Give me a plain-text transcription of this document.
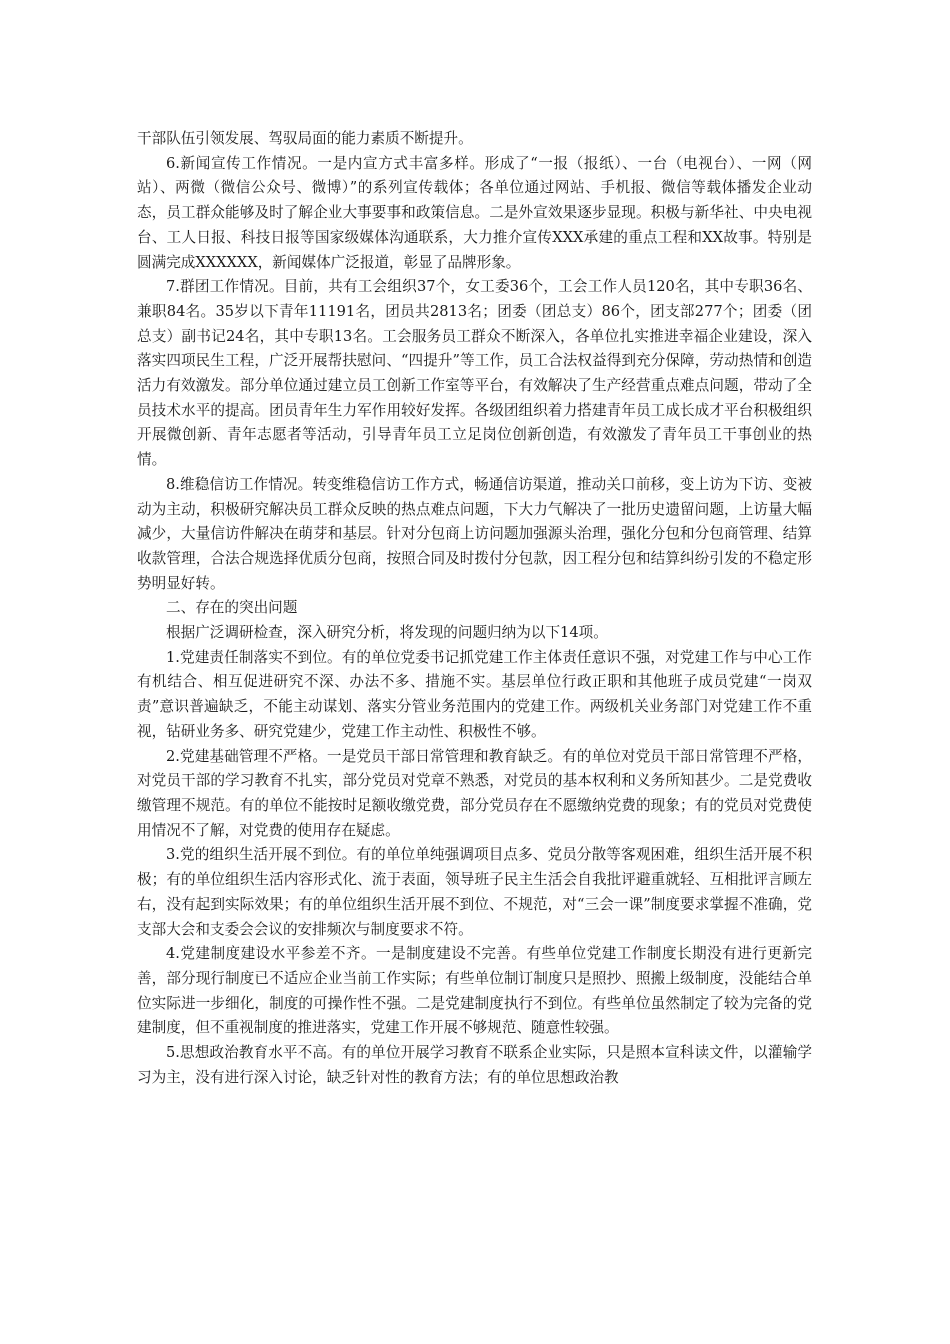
干部队伍引领发展、驾驭局面的能力素质不断提升。

6.新闻宣传工作情况。一是内宣方式丰富多样。形成了“一报（报纸）、一台（电视台）、一网（网站）、两微（微信公众号、微博）”的系列宣传载体；各单位通过网站、手机报、微信等载体播发企业动态，员工群众能够及时了解企业大事要事和政策信息。二是外宣效果逐步显现。积极与新华社、中央电视台、工人日报、科技日报等国家级媒体沟通联系，大力推介宣传XXX承建的重点工程和XX故事。特别是圆满完成XXXXXX，新闻媒体广泛报道，彰显了品牌形象。

7.群团工作情况。目前，共有工会组织37个，女工委36个，工会工作人员120名，其中专职36名、兼职84名。35岁以下青年11191名，团员共2813名；团委（团总支）86个，团支部277个；团委（团总支）副书记24名，其中专职13名。工会服务员工群众不断深入，各单位扎实推进幸福企业建设，深入落实四项民生工程，广泛开展帮扶慰问、“四提升”等工作，员工合法权益得到充分保障，劳动热情和创造活力有效激发。部分单位通过建立员工创新工作室等平台，有效解决了生产经营重点难点问题，带动了全员技术水平的提高。团员青年生力军作用较好发挥。各级团组织着力搭建青年员工成长成才平台积极组织开展微创新、青年志愿者等活动，引导青年员工立足岗位创新创造，有效激发了青年员工干事创业的热情。

8.维稳信访工作情况。转变维稳信访工作方式，畅通信访渠道，推动关口前移，变上访为下访、变被动为主动，积极研究解决员工群众反映的热点难点问题，下大力气解决了一批历史遗留问题，上访量大幅减少，大量信访件解决在萌芽和基层。针对分包商上访问题加强源头治理，强化分包和分包商管理、结算收款管理，合法合规选择优质分包商，按照合同及时拨付分包款，因工程分包和结算纠纷引发的不稳定形势明显好转。

二、存在的突出问题

根据广泛调研检查，深入研究分析，将发现的问题归纳为以下14项。

1.党建责任制落实不到位。有的单位党委书记抓党建工作主体责任意识不强，对党建工作与中心工作有机结合、相互促进研究不深、办法不多、措施不实。基层单位行政正职和其他班子成员党建“一岗双责”意识普遍缺乏，不能主动谋划、落实分管业务范围内的党建工作。两级机关业务部门对党建工作不重视，钻研业务多、研究党建少，党建工作主动性、积极性不够。

2.党建基础管理不严格。一是党员干部日常管理和教育缺乏。有的单位对党员干部日常管理不严格，对党员干部的学习教育不扎实，部分党员对党章不熟悉，对党员的基本权利和义务所知甚少。二是党费收缴管理不规范。有的单位不能按时足额收缴党费，部分党员存在不愿缴纳党费的现象；有的党员对党费使用情况不了解，对党费的使用存在疑虑。

3.党的组织生活开展不到位。有的单位单纯强调项目点多、党员分散等客观困难，组织生活开展不积极；有的单位组织生活内容形式化、流于表面，领导班子民主生活会自我批评避重就轻、互相批评言顾左右，没有起到实际效果；有的单位组织生活开展不到位、不规范，对“三会一课”制度要求掌握不准确，党支部大会和支委会会议的安排频次与制度要求不符。

4.党建制度建设水平参差不齐。一是制度建设不完善。有些单位党建工作制度长期没有进行更新完善，部分现行制度已不适应企业当前工作实际；有些单位制订制度只是照抄、照搬上级制度，没能结合单位实际进一步细化，制度的可操作性不强。二是党建制度执行不到位。有些单位虽然制定了较为完备的党建制度，但不重视制度的推进落实，党建工作开展不够规范、随意性较强。

5.思想政治教育水平不高。有的单位开展学习教育不联系企业实际，只是照本宣科读文件，以灌输学习为主，没有进行深入讨论，缺乏针对性的教育方法；有的单位思想政治教
